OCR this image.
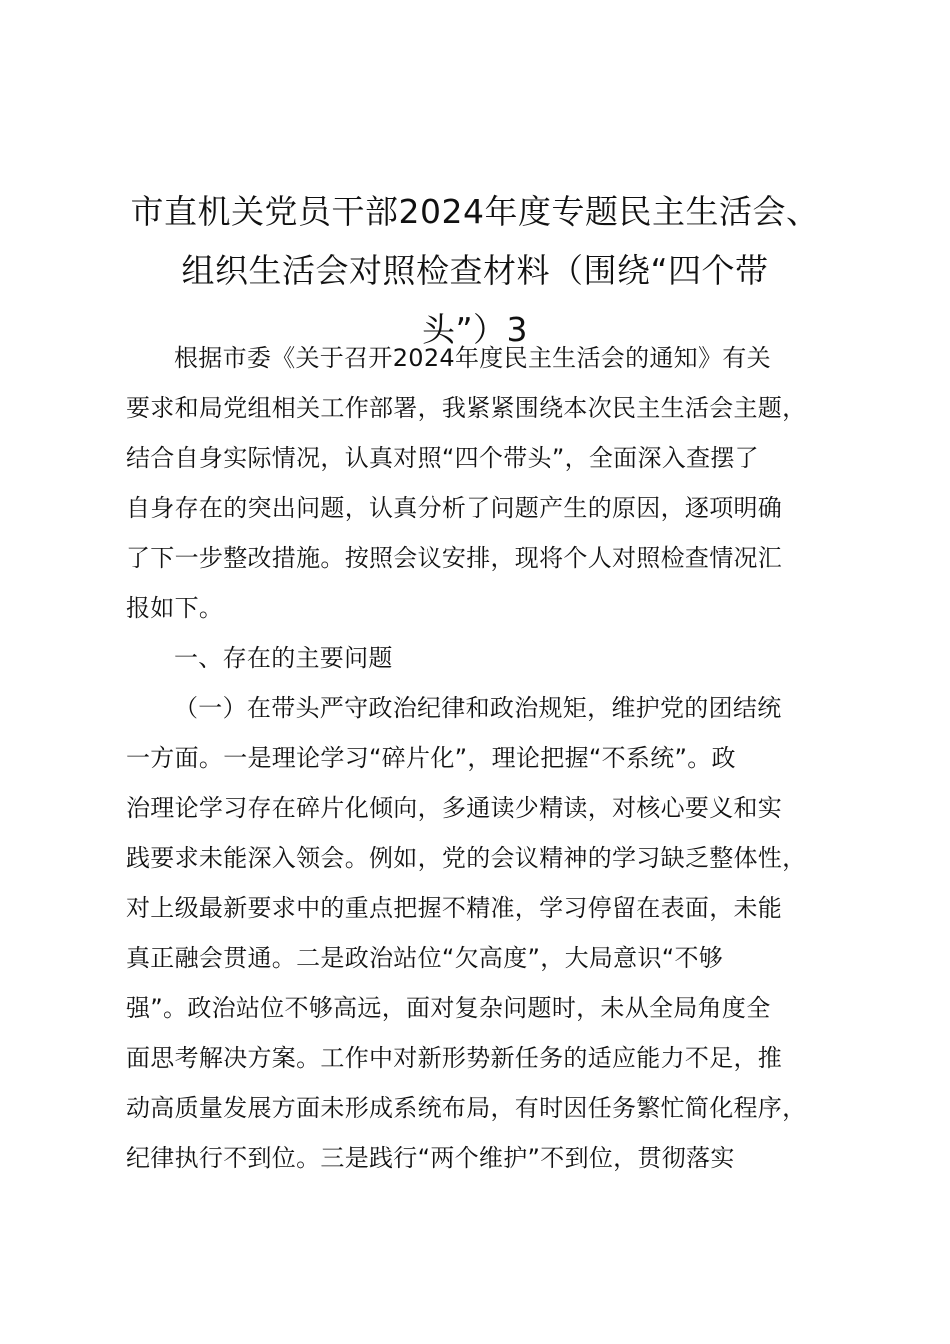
市直机关党员干部2024年度专题民主生活会、
组织生活会对照检查材料（围绕“四个带
头”）3

根据市委《关于召开2024年度民主生活会的通知》有关
要求和局党组相关工作部署，我紧紧围绕本次民主生活会主题，
结合自身实际情况，认真对照“四个带头”，全面深入查摆了
自身存在的突出问题，认真分析了问题产生的原因，逐项明确
了下一步整改措施。按照会议安排，现将个人对照检查情况汇
报如下。

一、存在的主要问题

（一）在带头严守政治纪律和政治规矩，维护党的团结统
一方面。一是理论学习“碎片化”，理论把握“不系统”。政
治理论学习存在碎片化倾向，多通读少精读，对核心要义和实
践要求未能深入领会。例如，党的会议精神的学习缺乏整体性，
对上级最新要求中的重点把握不精准，学习停留在表面，未能
真正融会贯通。二是政治站位“欠高度”，大局意识“不够
强”。政治站位不够高远，面对复杂问题时，未从全局角度全
面思考解决方案。工作中对新形势新任务的适应能力不足，推
动高质量发展方面未形成系统布局，有时因任务繁忙简化程序，
纪律执行不到位。三是践行“两个维护”不到位，贯彻落实
